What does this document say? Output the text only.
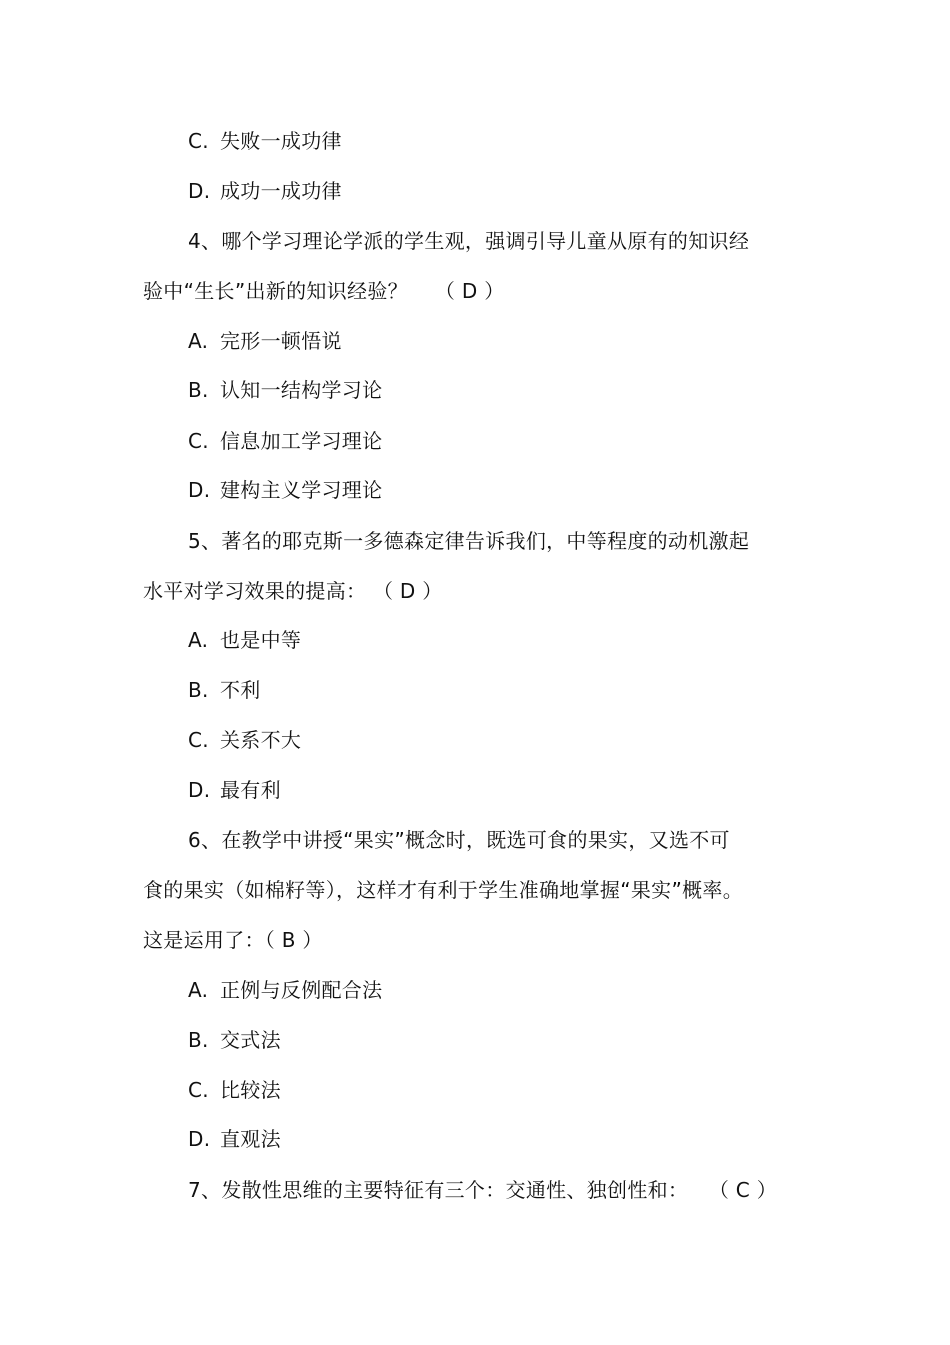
C. 失败一成功律
D. 成功一成功律
4、哪个学习理论学派的学生观，强调引导儿童从原有的知识经
验中“生长”出新的知识经验？　 （ D ）
A. 完形一顿悟说
B. 认知一结构学习论
C. 信息加工学习理论
D. 建构主义学习理论
5、著名的耶克斯一多德森定律告诉我们，中等程度的动机激起
水平对学习效果的提高： （ D ）
A. 也是中等
B. 不利
C. 关系不大
D. 最有利
6、在教学中讲授“果实”概念时，既选可食的果实，又选不可
食的果实（如棉籽等），这样才有利于学生准确地掌握“果实”概率。
这是运用了：（ B ）
A. 正例与反例配合法
B. 交式法
C. 比较法
D. 直观法
7、发散性思维的主要特征有三个：交通性、独创性和：　　（ C ）
